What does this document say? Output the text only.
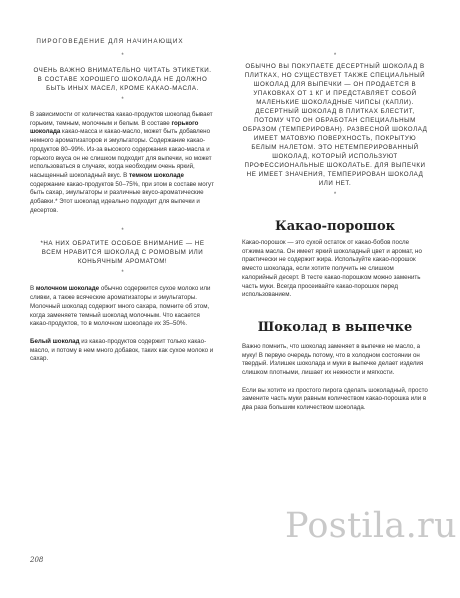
ПИРОГОВЕДЕНИЕ ДЛЯ НАЧИНАЮЩИХ

*

ОЧЕНЬ ВАЖНО ВНИМАТЕЛЬНО ЧИТАТЬ ЭТИКЕТКИ. В СОСТАВЕ ХОРОШЕГО ШОКОЛАДА НЕ ДОЛЖНО БЫТЬ ИНЫХ МАСЕЛ, КРОМЕ КАКАО-МАСЛА.

*

В зависимости от количества какао-продуктов шоколад бывает горьким, темным, молочным и белым. В составе горького шоколада какао-масса и какао-масло, может быть добавлено немного ароматизаторов и эмульгаторы. Содержание какао-продуктов 80–99%. Из-за высокого содержания какао-масла и горького вкуса он не слишком подходит для выпечки, но может использоваться в случаях, когда необходим очень яркий, насыщенный шоколадный вкус. В темном шоколаде содержание какао-продуктов 50–75%, при этом в составе могут быть сахар, эмульгаторы и различные вкусо-ароматические добавки.* Этот шоколад идеально подходит для выпечки и десертов.

*

*НА НИХ ОБРАТИТЕ ОСОБОЕ ВНИМАНИЕ — НЕ ВСЕМ НРАВИТСЯ ШОКОЛАД С РОМОВЫМ ИЛИ КОНЬЯЧНЫМ АРОМАТОМ!

*

В молочном шоколаде обычно содержится сухое молоко или сливки, а также всяческие ароматизаторы и эмульгаторы. Молочный шоколад содержит много сахара, помните об этом, когда заменяете темный шоколад молочным. Что касается какао-продуктов, то в молочном шоколаде их 35–50%.

Белый шоколад из какао-продуктов содержит только какао-масло, и потому в нем много добавок, таких как сухое молоко и сахар.

*

ОБЫЧНО ВЫ ПОКУПАЕТЕ ДЕСЕРТНЫЙ ШОКОЛАД В ПЛИТКАХ, НО СУЩЕСТВУЕТ ТАКЖЕ СПЕЦИАЛЬНЫЙ ШОКОЛАД ДЛЯ ВЫПЕЧКИ — ОН ПРОДАЕТСЯ В УПАКОВКАХ ОТ 1 КГ И ПРЕДСТАВЛЯЕТ СОБОЙ МАЛЕНЬКИЕ ШОКОЛАДНЫЕ ЧИПСЫ (КАПЛИ). ДЕСЕРТНЫЙ ШОКОЛАД В ПЛИТКАХ БЛЕСТИТ, ПОТОМУ ЧТО ОН ОБРАБОТАН СПЕЦИАЛЬНЫМ ОБРАЗОМ (ТЕМПЕРИРОВАН). РАЗВЕСНОЙ ШОКОЛАД ИМЕЕТ МАТОВУЮ ПОВЕРХНОСТЬ, ПОКРЫТУЮ БЕЛЫМ НАЛЕТОМ. ЭТО НЕТЕМПЕРИРОВАННЫЙ ШОКОЛАД, КОТОРЫЙ ИСПОЛЬЗУЮТ ПРОФЕССИОНАЛЬНЫЕ ШОКОЛАТЬЕ. ДЛЯ ВЫПЕЧКИ НЕ ИМЕЕТ ЗНАЧЕНИЯ, ТЕМПЕРИРОВАН ШОКОЛАД ИЛИ НЕТ.

*

Какао-порошок

Какао-порошок — это сухой остаток от какао-бобов после отжима масла. Он имеет яркий шоколадный цвет и аромат, но практически не содержит жира. Используйте какао-порошок вместо шоколада, если хотите получить не слишком калорийный десерт. В тесте какао-порошком можно заменить часть муки. Всегда просеивайте какао-порошок перед использованием.

Шоколад в выпечке

Важно помнить, что шоколад заменяет в выпечке не масло, а муку! В первую очередь потому, что в холодном состоянии он твердый. Излишек шоколада и муки в выпечке делает изделия слишком плотными, лишает их нежности и мягкости.

Если вы хотите из простого пирога сделать шоколадный, просто замените часть муки равным количеством какао-порошка или в два раза большим количеством шоколада.

208
Postila.ru
